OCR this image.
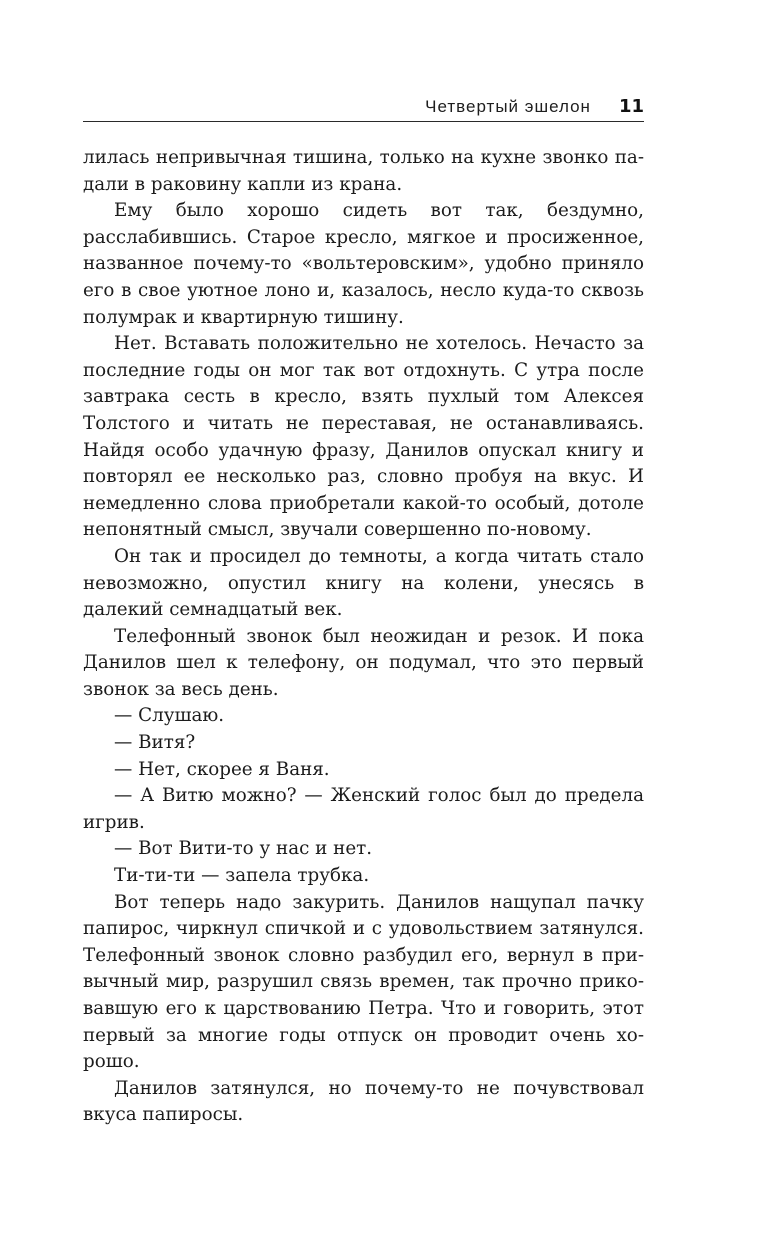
Четвертый эшелон 11

лилась непривычная тишина, только на кухне звонко падали в раковину капли из крана.

Ему было хорошо сидеть вот так, бездумно, расслабившись. Старое кресло, мягкое и просиженное, названное почему-то «вольтеровским», удобно приняло его в свое уютное лоно и, казалось, несло куда-то сквозь полумрак и квартирную тишину.

Нет. Вставать положительно не хотелось. Нечасто за последние годы он мог так вот отдохнуть. С утра после завтрака сесть в кресло, взять пухлый том Алексея Толстого и читать не переставая, не останавливаясь. Найдя особо удачную фразу, Данилов опускал книгу и повторял ее несколько раз, словно пробуя на вкус. И немедленно слова приобретали какой-то особый, дотоле непонятный смысл, звучали совершенно по-новому.

Он так и просидел до темноты, а когда читать стало невозможно, опустил книгу на колени, унесясь в далекий семнадцатый век.

Телефонный звонок был неожидан и резок. И пока Данилов шел к телефону, он подумал, что это первый звонок за весь день.

— Слушаю.

— Витя?

— Нет, скорее я Ваня.

— А Витю можно? — Женский голос был до предела игрив.

— Вот Вити-то у нас и нет.

Ти-ти-ти — запела трубка.

Вот теперь надо закурить. Данилов нащупал пачку папирос, чиркнул спичкой и с удовольствием затянулся. Телефонный звонок словно разбудил его, вернул в привычный мир, разрушил связь времен, так прочно приковавшую его к царствованию Петра. Что и говорить, этот первый за многие годы отпуск он проводит очень хорошо.

Данилов затянулся, но почему-то не почувствовал вкуса папиросы.
